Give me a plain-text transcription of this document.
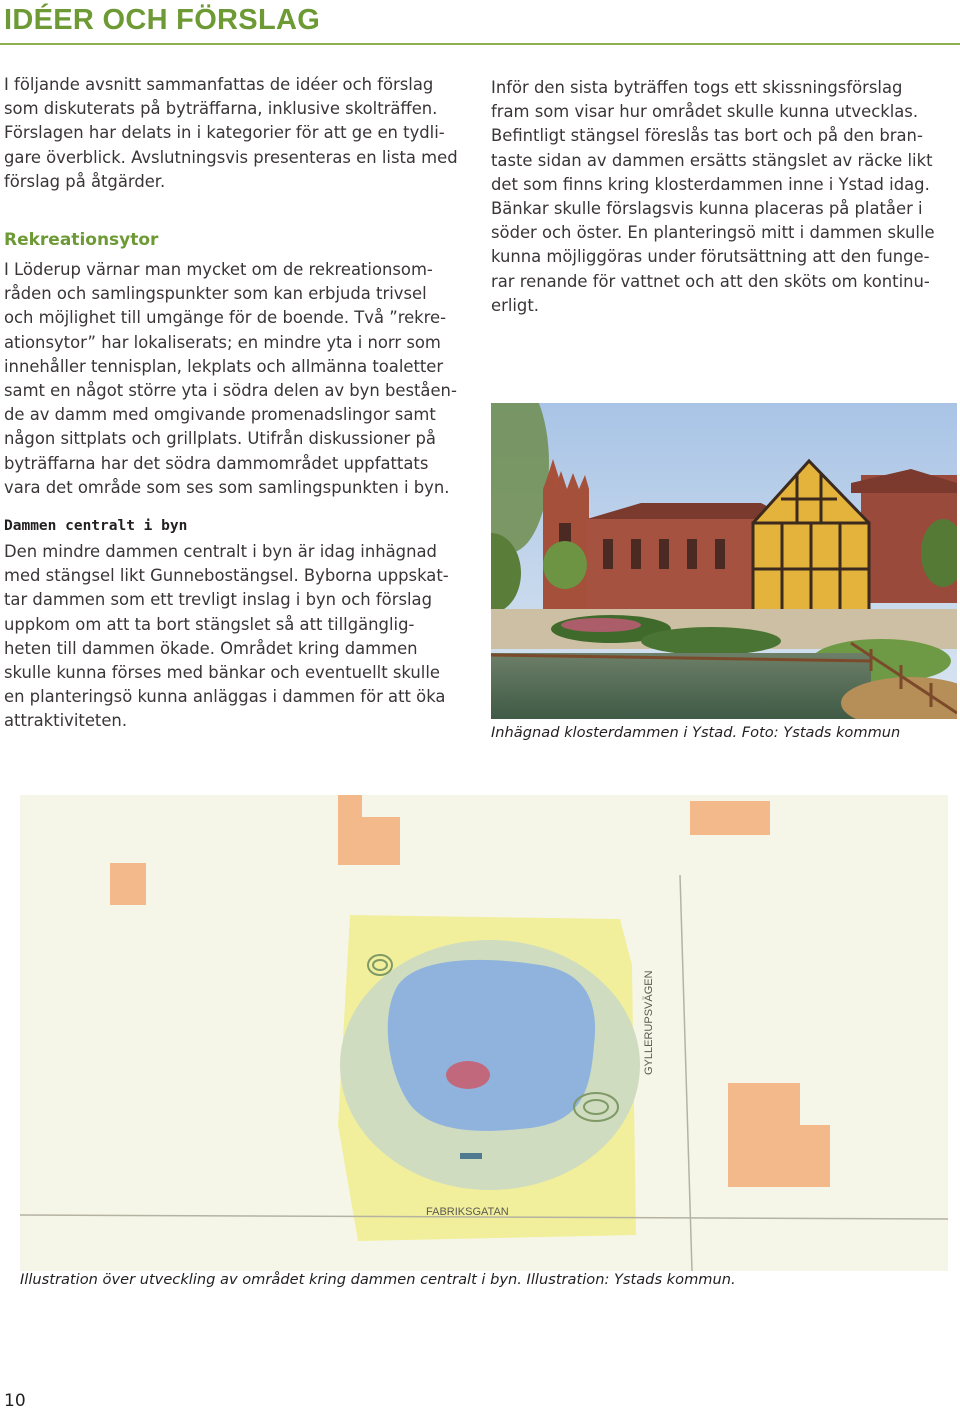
IDÉER OCH FÖRSLAG

I följande avsnitt sammanfattas de idéer och förslag

som diskuterats på byträffarna, inklusive skolträffen.

Förslagen har delats in i kategorier för att ge en tydli-

gare överblick. Avslutningsvis presenteras en lista med

förslag på åtgärder.

Rekreationsytor

I Löderup värnar man mycket om de rekreationsom-

råden och samlingspunkter som kan erbjuda trivsel

och möjlighet till umgänge för de boende. Två ”rekre-

ationsytor” har lokaliserats; en mindre yta i norr som

innehåller tennisplan, lekplats och allmänna toaletter

samt en något större yta i södra delen av byn beståen-

de av damm med omgivande promenadslingor samt

någon sittplats och grillplats. Utifrån diskussioner på

byträffarna har det södra dammområdet uppfattats

vara det område som ses som samlingspunkten i byn.

Dammen centralt i byn

Den mindre dammen centralt i byn är idag inhägnad

med stängsel likt Gunnebostängsel. Byborna uppskat-

tar dammen som ett trevligt inslag i byn och förslag

uppkom om att ta bort stängslet så att tillgänglig-

heten till dammen ökade. Området kring dammen

skulle kunna förses med bänkar och eventuellt skulle

en planteringsö kunna anläggas i dammen för att öka

attraktiviteten.

Inför den sista byträffen togs ett skissningsförslag

fram som visar hur området skulle kunna utvecklas.

Befintligt stängsel föreslås tas bort och på den bran-

taste sidan av dammen ersätts stängslet av räcke likt

det som finns kring klosterdammen inne i Ystad idag.

Bänkar skulle förslagsvis kunna placeras på platåer i

söder och öster. En planteringsö mitt i dammen skulle

kunna möjliggöras under förutsättning att den funge-

rar renande för vattnet och att den sköts om kontinu-

erligt.

Inhägnad klosterdammen i Ystad. Foto: Ystads kommun
GYLLERUPSVÄGEN
FABRIKSGATAN
Illustration över utveckling av området kring dammen centralt i byn. Illustration: Ystads kommun.
10
